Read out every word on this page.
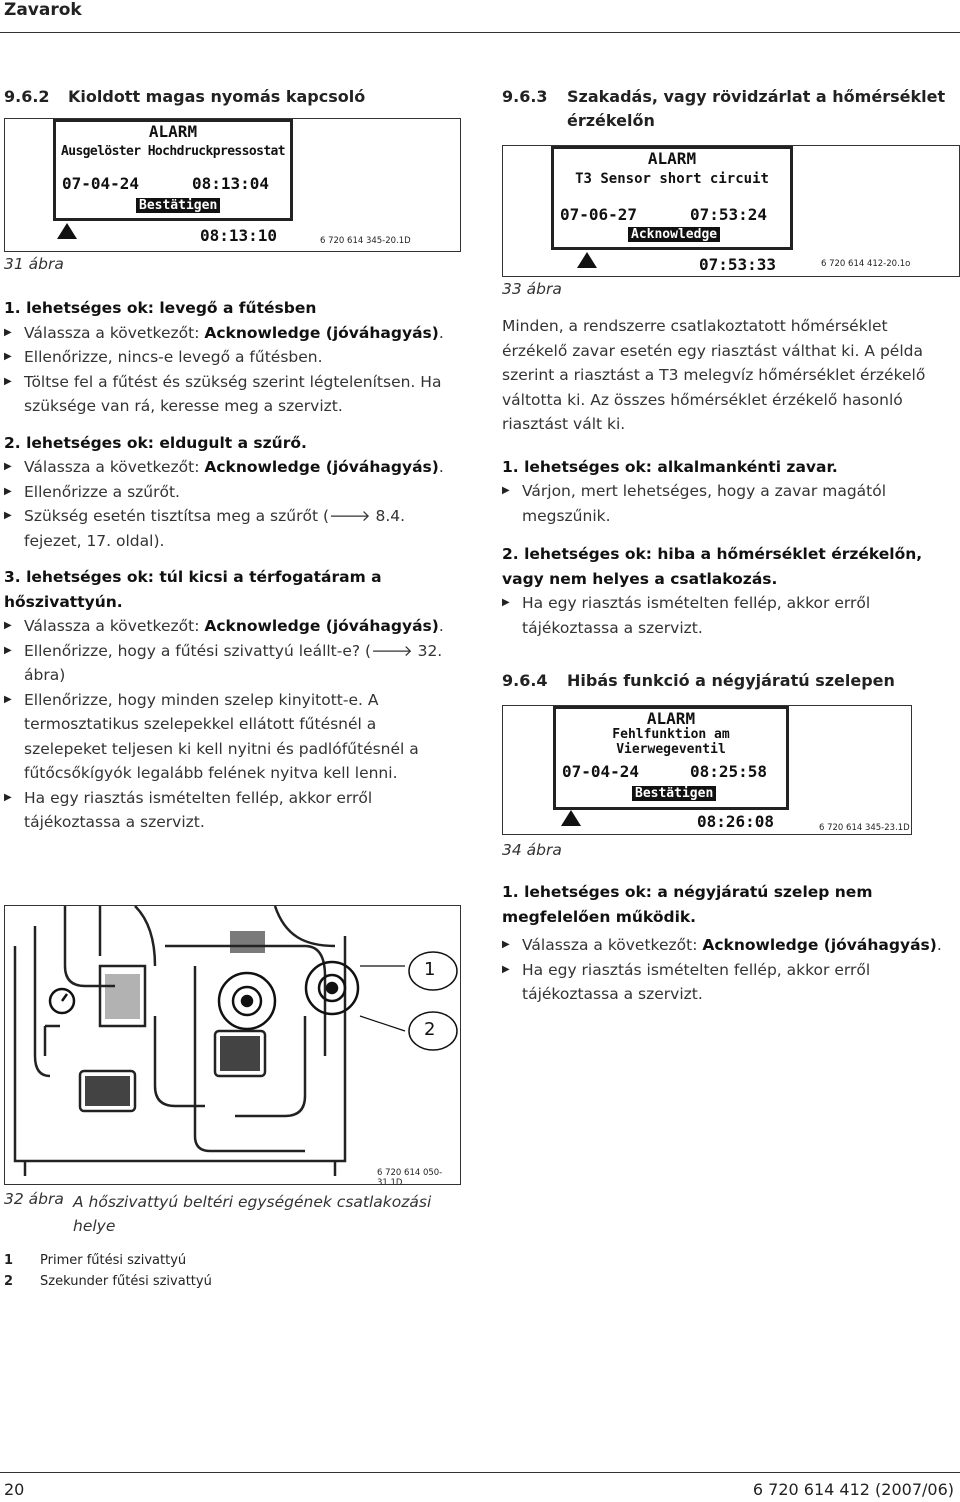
Zavarok
9.6.2 Kioldott magas nyomás kapcsoló
ALARM
Ausgelöster Hochdruckpressostat
07-04-24	08:13:04
Bestätigen
08:13:10	6 720 614 345-20.1D
31 ábra
1. lehetséges ok: levegő a fűtésben
▶ Válassza a következőt: Acknowledge (jóváhagyás).
▶ Ellenőrizze, nincs-e levegő a fűtésben.
▶ Töltse fel a fűtést és szükség szerint légtelenítsen. Ha szüksége van rá, keresse meg a szervizt.
2. lehetséges ok: eldugult a szűrő.
▶ Válassza a következőt: Acknowledge (jóváhagyás).
▶ Ellenőrizze a szűrőt.
▶ Szükség esetén tisztítsa meg a szűrőt (🡒 8.4. fejezet, 17. oldal).
3. lehetséges ok: túl kicsi a térfogatáram a hőszivattyún.
▶ Válassza a következőt: Acknowledge (jóváhagyás).
▶ Ellenőrizze, hogy a fűtési szivattyú leállt-e? (🡒 32. ábra)
▶ Ellenőrizze, hogy minden szelep kinyitott-e. A termosztatikus szelepekkel ellátott fűtésnél a szelepeket teljesen ki kell nyitni és padlófűtésnél a fűtőcsőkígyók legalább felének nyitva kell lenni.
▶ Ha egy riasztás ismételten fellép, akkor erről tájékoztassa a szervizt.
1
2
6 720 614 050-31.1D
32 ábra A hőszivattyú beltéri egységének csatlakozási helye
1 Primer fűtési szivattyú
2 Szekunder fűtési szivattyú
9.6.3 Szakadás, vagy rövidzárlat a hőmérséklet érzékelőn
ALARM
T3 Sensor short circuit
07-06-27	07:53:24
Acknowledge
07:53:33	6 720 614 412-20.1o
33 ábra
Minden, a rendszerre csatlakoztatott hőmérséklet érzékelő zavar esetén egy riasztást válthat ki. A példa szerint a riasztást a T3 melegvíz hőmérséklet érzékelő váltotta ki. Az összes hőmérséklet érzékelő hasonló riasztást vált ki.
1. lehetséges ok: alkalmankénti zavar.
▶ Várjon, mert lehetséges, hogy a zavar magától megszűnik.
2. lehetséges ok: hiba a hőmérséklet érzékelőn, vagy nem helyes a csatlakozás.
▶ Ha egy riasztás ismételten fellép, akkor erről tájékoztassa a szervizt.
9.6.4 Hibás funkció a négyjáratú szelepen
ALARM
Fehlfunktion am
Vierwegeventil
07-04-24	08:25:58
Bestätigen
08:26:08	6 720 614 345-23.1D
34 ábra
1. lehetséges ok: a négyjáratú szelep nem megfelelően működik.
▶ Válassza a következőt: Acknowledge (jóváhagyás).
▶ Ha egy riasztás ismételten fellép, akkor erről tájékoztassa a szervizt.
20	6 720 614 412 (2007/06)
